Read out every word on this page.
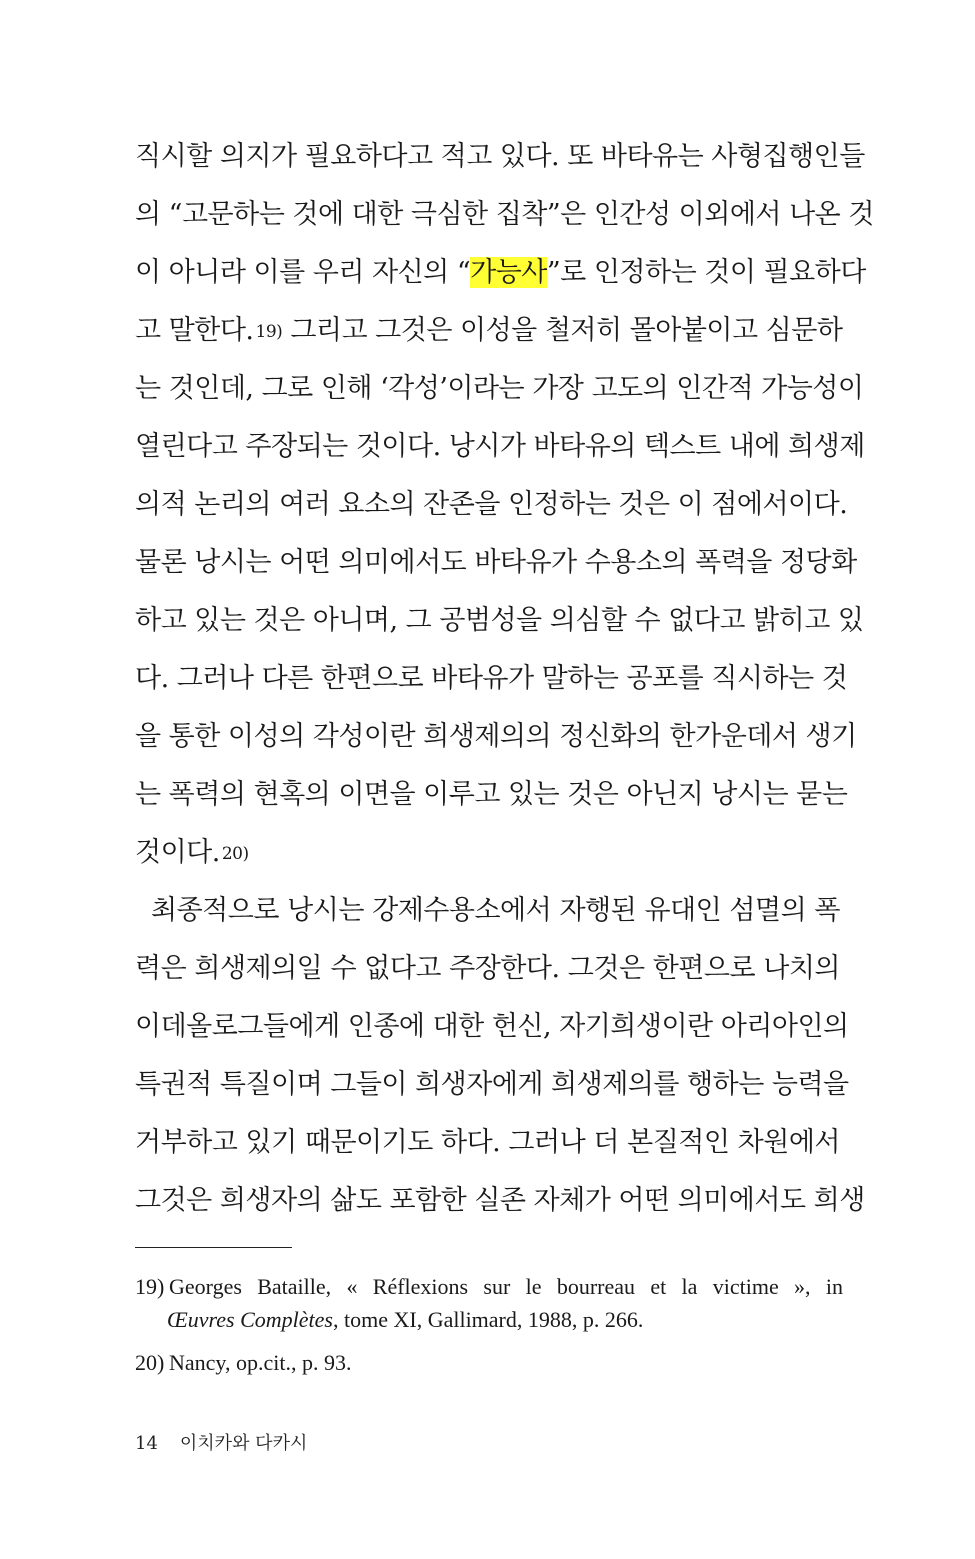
직시할 의지가 필요하다고 적고 있다. 또 바타유는 사형집행인들
의 “고문하는 것에 대한 극심한 집착”은 인간성 이외에서 나온 것
이 아니라 이를 우리 자신의 “가능사”로 인정하는 것이 필요하다
고 말한다. $^{19)}$ 그리고 그것은 이성을 철저히 몰아붙이고 심문하
는 것인데, 그로 인해 ‘각성’이라는 가장 고도의 인간적 가능성이
열린다고 주장되는 것이다. 낭시가 바타유의 텍스트 내에 희생제
의적 논리의 여러 요소의 잔존을 인정하는 것은 이 점에서이다.
물론 낭시는 어떤 의미에서도 바타유가 수용소의 폭력을 정당화
하고 있는 것은 아니며, 그 공범성을 의심할 수 없다고 밝히고 있
다. 그러나 다른 한편으로 바타유가 말하는 공포를 직시하는 것
을 통한 이성의 각성이란 희생제의의 정신화의 한가운데서 생기
는 폭력의 현혹의 이면을 이루고 있는 것은 아닌지 낭시는 묻는
것이다. $^{20)}$
최종적으로 낭시는 강제수용소에서 자행된 유대인 섬멸의 폭
력은 희생제의일 수 없다고 주장한다. 그것은 한편으로 나치의
이데올로그들에게 인종에 대한 헌신, 자기희생이란 아리아인의
특권적 특질이며 그들이 희생자에게 희생제의를 행하는 능력을
거부하고 있기 때문이기도 하다. 그러나 더 본질적인 차원에서
그것은 희생자의 삶도 포함한 실존 자체가 어떤 의미에서도 희생
19) Georges Bataille, « Réflexions sur le bourreau et la victime », in
Œuvres Complètes, tome XI, Gallimard, 1988, p. 266.
20) Nancy, op.cit., p. 93.
14 이치카와 다카시
